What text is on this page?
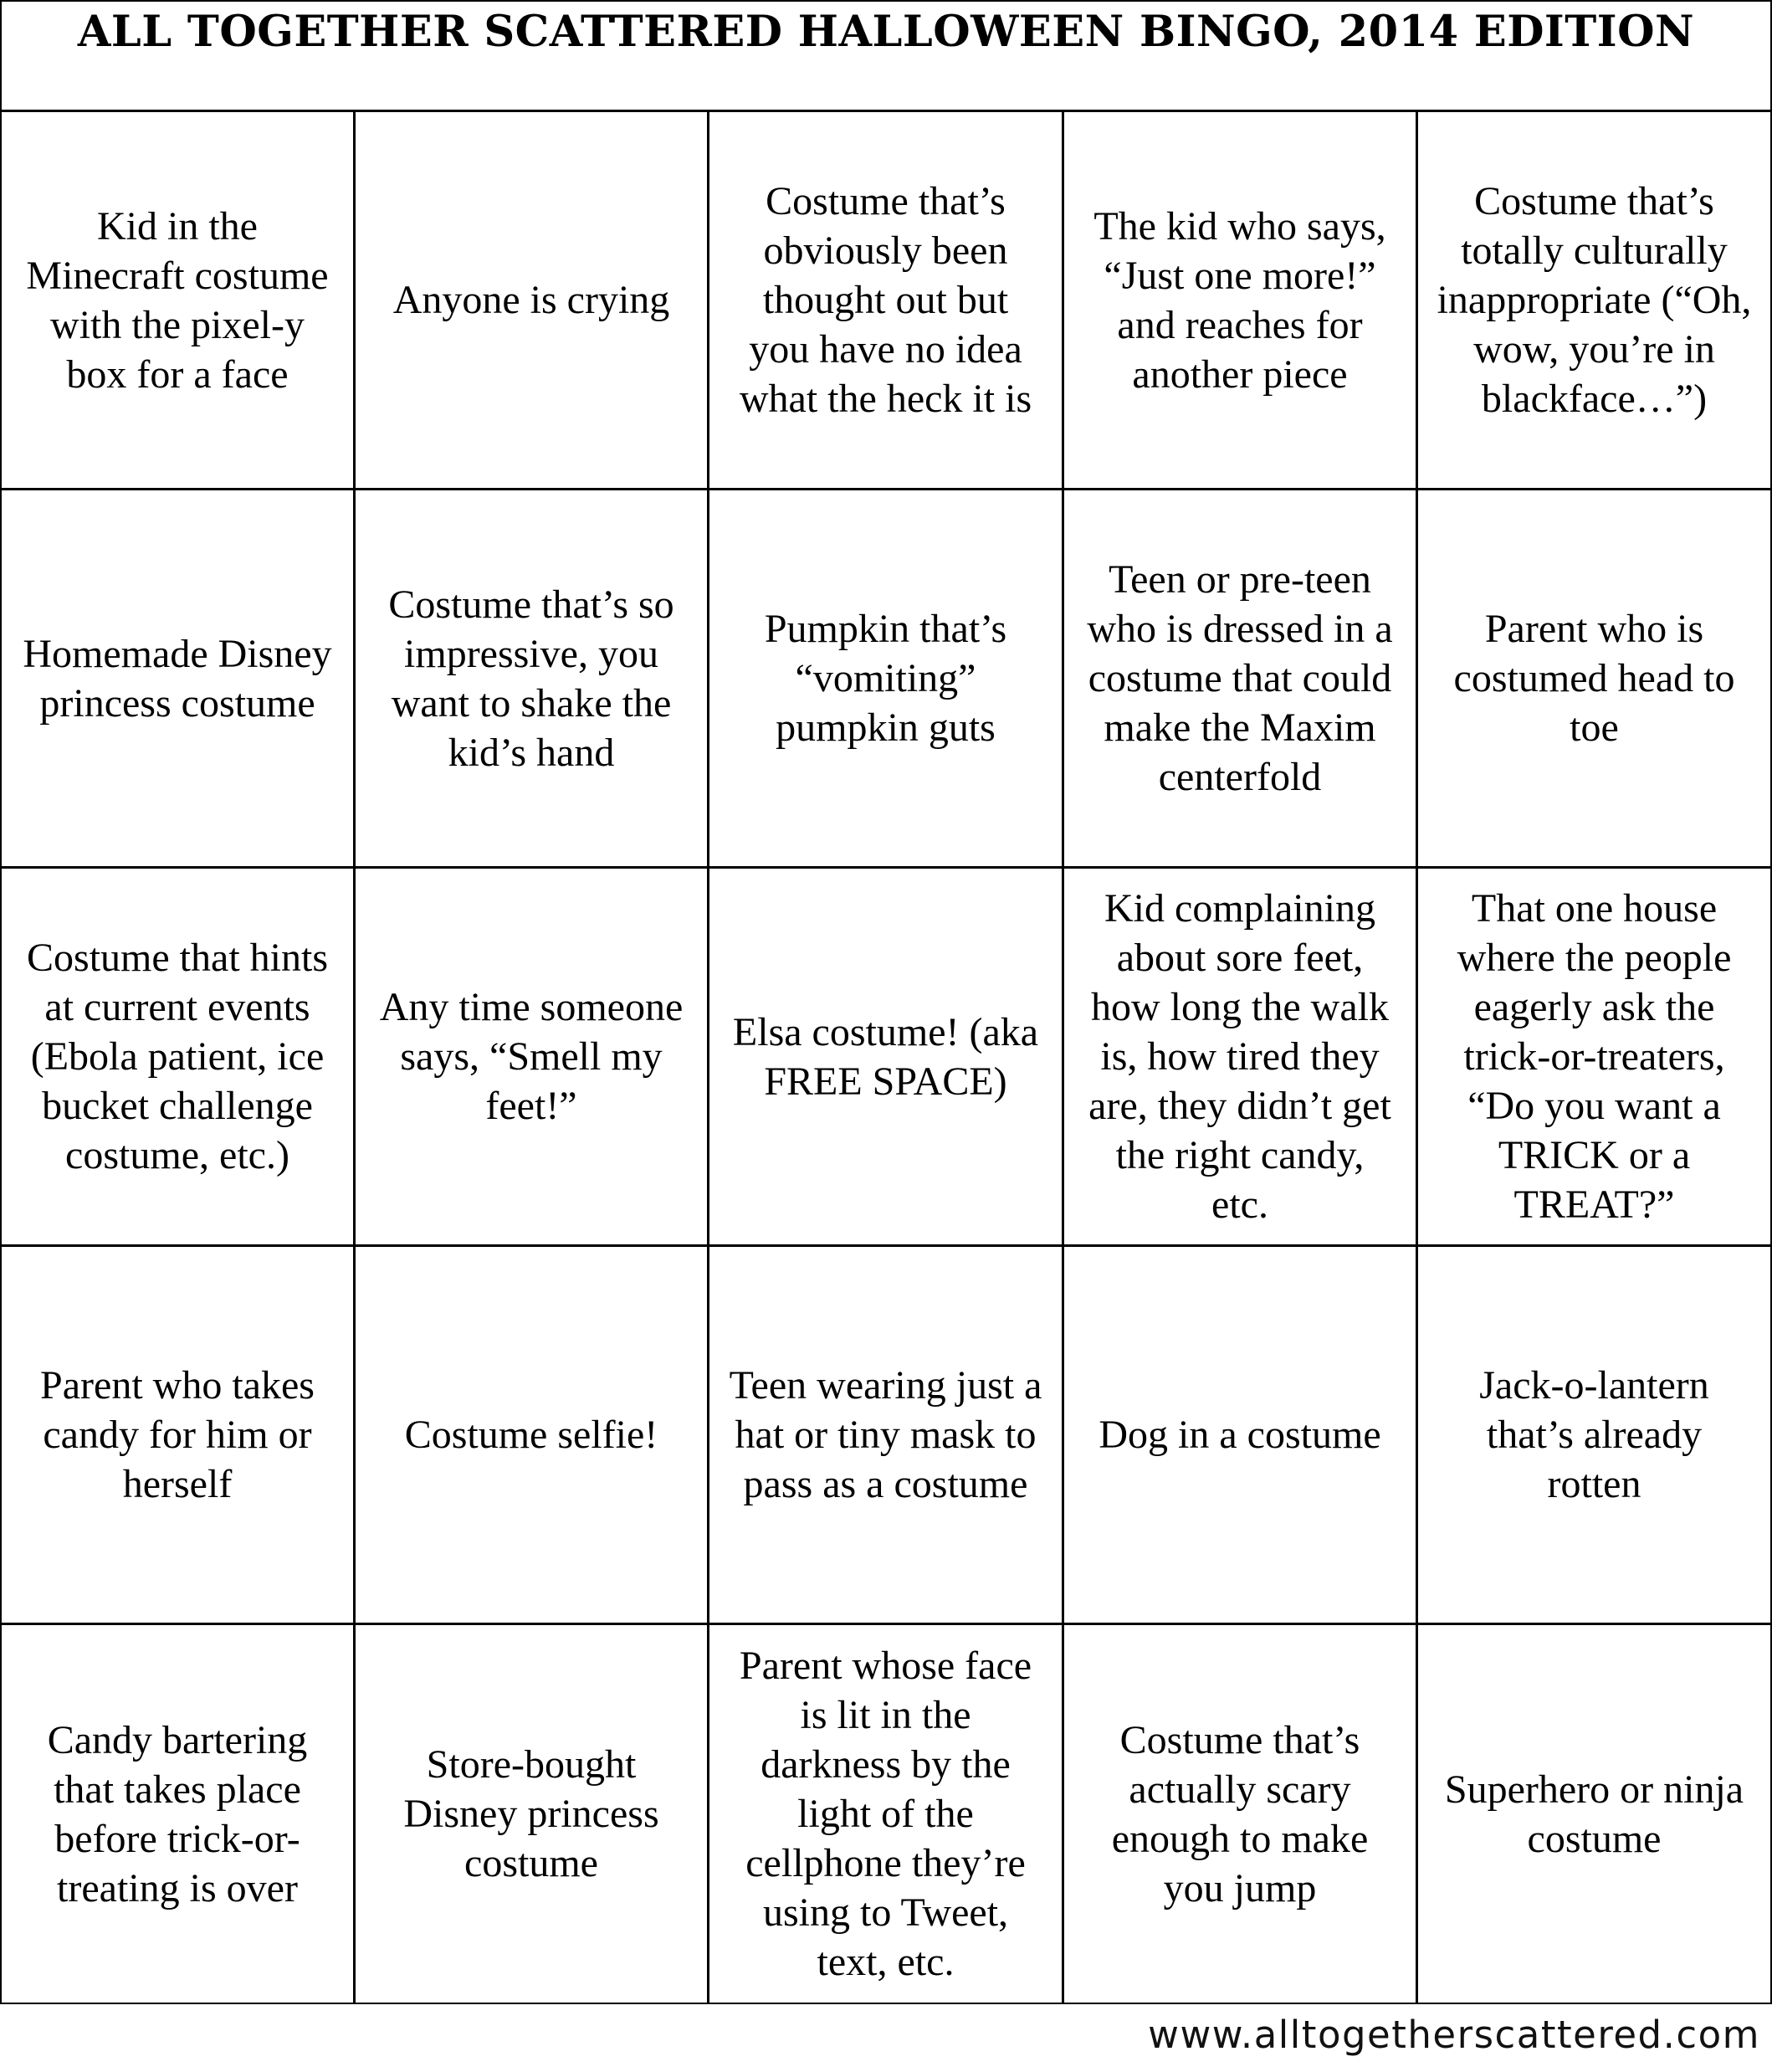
ALL TOGETHER SCATTERED HALLOWEEN BINGO, 2014 EDITION
Kid in the Minecraft costume with the pixel-y box for a face
Anyone is crying
Costume that’s obviously been thought out but you have no idea what the heck it is
The kid who says, “Just one more!” and reaches for another piece
Costume that’s totally culturally inappropriate (“Oh, wow, you’re in blackface…”)
Homemade Disney princess costume
Costume that’s so impressive, you want to shake the kid’s hand
Pumpkin that’s “vomiting” pumpkin guts
Teen or pre-teen who is dressed in a costume that could make the Maxim centerfold
Parent who is costumed head to toe
Costume that hints at current events (Ebola patient, ice bucket challenge costume, etc.)
Any time someone says, “Smell my feet!”
Elsa costume! (aka FREE SPACE)
Kid complaining about sore feet, how long the walk is, how tired they are, they didn’t get the right candy, etc.
That one house where the people eagerly ask the trick-or-treaters, “Do you want a TRICK or a TREAT?”
Parent who takes candy for him or herself
Costume selfie!
Teen wearing just a hat or tiny mask to pass as a costume
Dog in a costume
Jack-o-lantern that’s already rotten
Candy bartering that takes place before trick-or-treating is over
Store-bought Disney princess costume
Parent whose face is lit in the darkness by the light of the cellphone they’re using to Tweet, text, etc.
Costume that’s actually scary enough to make you jump
Superhero or ninja costume
www.alltogetherscattered.com
